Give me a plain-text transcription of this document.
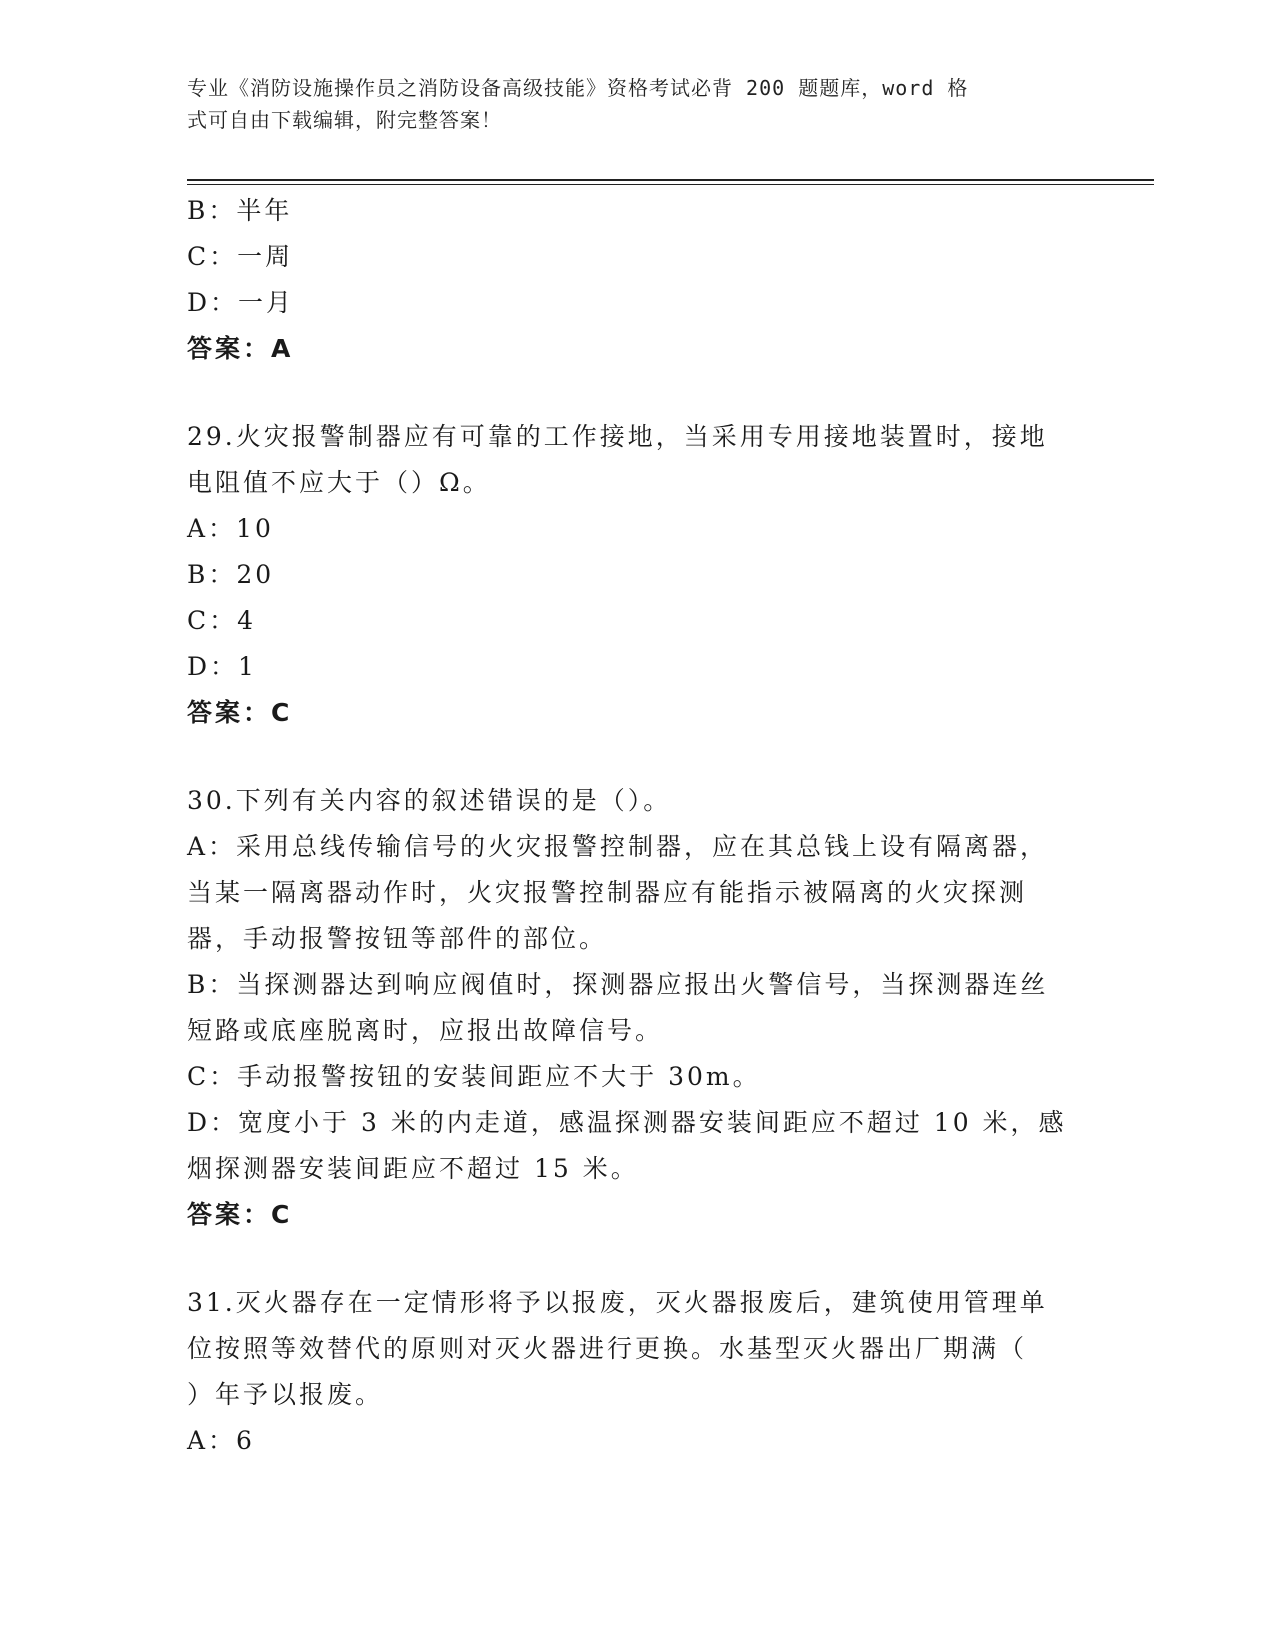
专业《消防设施操作员之消防设备高级技能》资格考试必背 200 题题库，word 格
式可自由下载编辑，附完整答案！
B：半年
C：一周
D：一月
答案：A
29.火灾报警制器应有可靠的工作接地，当采用专用接地装置时，接地
电阻值不应大于（）Ω。
A：10
B：20
C：4
D：1
答案：C
30.下列有关内容的叙述错误的是（）。
A：采用总线传输信号的火灾报警控制器，应在其总钱上设有隔离器，
当某一隔离器动作时，火灾报警控制器应有能指示被隔离的火灾探测
器，手动报警按钮等部件的部位。
B：当探测器达到响应阀值时，探测器应报出火警信号，当探测器连丝
短路或底座脱离时，应报出故障信号。
C：手动报警按钮的安装间距应不大于 30m。
D：宽度小于 3 米的内走道，感温探测器安装间距应不超过 10 米，感
烟探测器安装间距应不超过 15 米。
答案：C
31.灭火器存在一定情形将予以报废，灭火器报废后，建筑使用管理单
位按照等效替代的原则对灭火器进行更换。水基型灭火器出厂期满（
）年予以报废。
A：6
